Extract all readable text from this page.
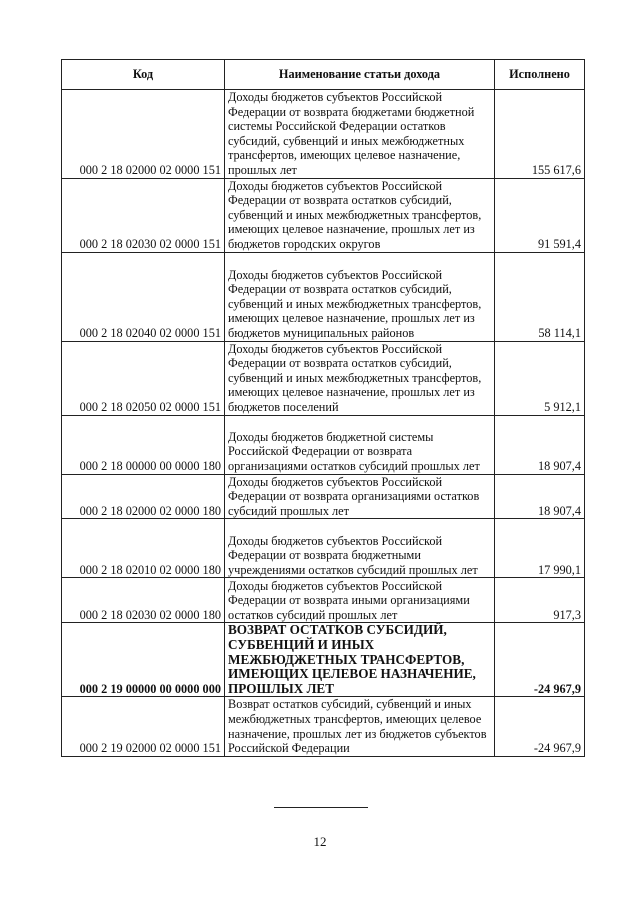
Код	Наименование статьи дохода	Исполнено
000 2 18 02000 02 0000 151	Доходы бюджетов субъектов Российской Федерации от возврата бюджетами бюджетной системы Российской Федерации остатков субсидий, субвенций и иных межбюджетных трансфертов, имеющих целевое назначение, прошлых лет	155 617,6
000 2 18 02030 02 0000 151	Доходы бюджетов субъектов Российской Федерации от возврата остатков субсидий, субвенций и иных межбюджетных трансфертов, имеющих целевое назначение, прошлых лет из бюджетов городских округов	91 591,4
000 2 18 02040 02 0000 151	Доходы бюджетов субъектов Российской Федерации от возврата остатков субсидий, субвенций и иных межбюджетных трансфертов, имеющих целевое назначение, прошлых лет из бюджетов муниципальных районов	58 114,1
000 2 18 02050 02 0000 151	Доходы бюджетов субъектов Российской Федерации от возврата остатков субсидий, субвенций и иных межбюджетных трансфертов, имеющих целевое назначение, прошлых лет из бюджетов поселений	5 912,1
000 2 18 00000 00 0000 180	Доходы бюджетов бюджетной системы Российской Федерации от возврата организациями остатков субсидий прошлых лет	18 907,4
000 2 18 02000 02 0000 180	Доходы бюджетов субъектов Российской Федерации от возврата организациями остатков субсидий прошлых лет	18 907,4
000 2 18 02010 02 0000 180	Доходы бюджетов субъектов Российской Федерации от возврата бюджетными учреждениями остатков субсидий прошлых лет	17 990,1
000 2 18 02030 02 0000 180	Доходы бюджетов субъектов Российской Федерации от возврата иными организациями остатков субсидий прошлых лет	917,3
000 2 19 00000 00 0000 000	ВОЗВРАТ ОСТАТКОВ СУБСИДИЙ, СУБВЕНЦИЙ И ИНЫХ МЕЖБЮДЖЕТНЫХ ТРАНСФЕРТОВ, ИМЕЮЩИХ ЦЕЛЕВОЕ НАЗНАЧЕНИЕ, ПРОШЛЫХ ЛЕТ	-24 967,9
000 2 19 02000 02 0000 151	Возврат остатков субсидий, субвенций и иных межбюджетных трансфертов, имеющих целевое назначение, прошлых лет из бюджетов субъектов Российской Федерации	-24 967,9
12
